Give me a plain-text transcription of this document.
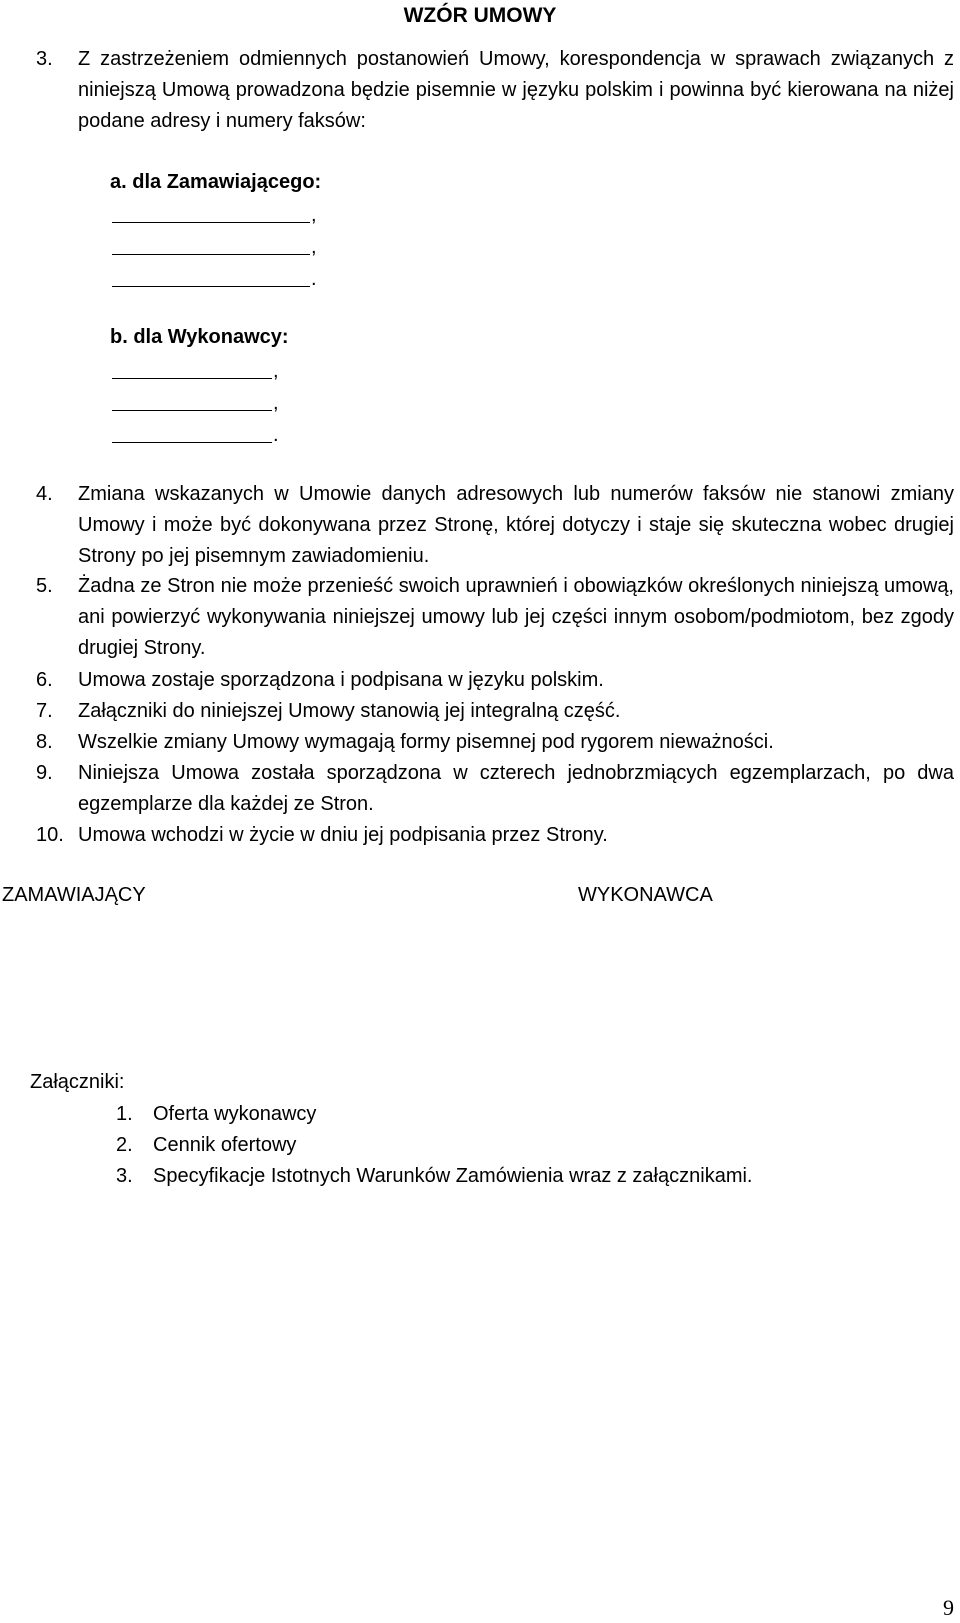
WZÓR UMOWY
3. Z zastrzeżeniem odmiennych postanowień Umowy, korespondencja w sprawach związanych z niniejszą Umową prowadzona będzie pisemnie w języku polskim i powinna być kierowana na niżej podane adresy i numery faksów:
a. dla Zamawiającego:
,
,
.
b. dla Wykonawcy:
,
,
.
4. Zmiana wskazanych w Umowie danych adresowych lub numerów faksów nie stanowi zmiany Umowy i może być dokonywana przez Stronę, której dotyczy i staje się skuteczna wobec drugiej Strony po jej pisemnym zawiadomieniu.
5. Żadna ze Stron nie może przenieść swoich uprawnień i obowiązków określonych niniejszą umową, ani powierzyć wykonywania niniejszej umowy lub jej części innym osobom/podmiotom, bez zgody drugiej Strony.
6. Umowa zostaje sporządzona i podpisana w języku polskim.
7. Załączniki do niniejszej Umowy stanowią jej integralną część.
8. Wszelkie zmiany Umowy wymagają formy pisemnej pod rygorem nieważności.
9. Niniejsza Umowa została sporządzona w czterech jednobrzmiących egzemplarzach, po dwa egzemplarze dla każdej ze Stron.
10. Umowa wchodzi w życie w dniu jej podpisania przez Strony.
ZAMAWIAJĄCY	WYKONAWCA
Załączniki:
1. Oferta wykonawcy
2. Cennik ofertowy
3. Specyfikacje Istotnych Warunków Zamówienia wraz z załącznikami.
9
